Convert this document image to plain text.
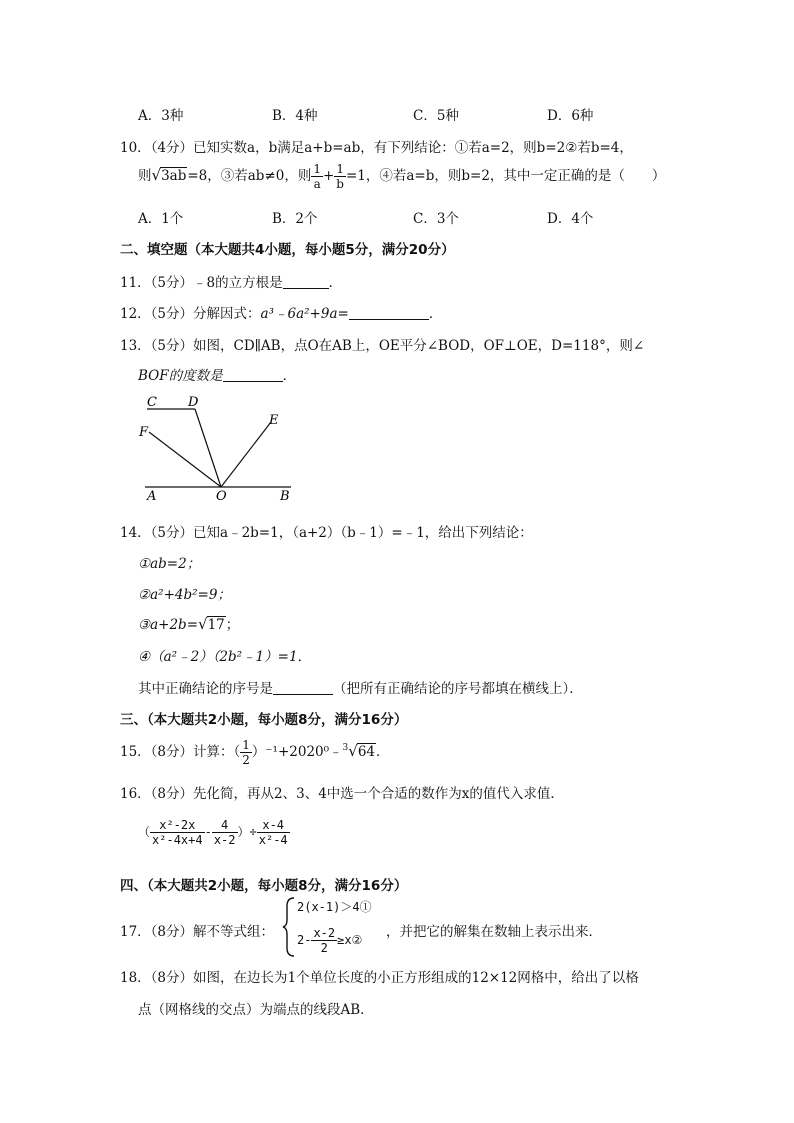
A．3种	B．4种	C．5种	D．6种
10．（4分）已知实数a，b满足a+b=ab，有下列结论：①若a=2，则b=2②若b=4，
则√3ab=8，③若ab≠0，则 $\frac{1}{a} + \frac{1}{b} =1$，④若a=b，则b=2，其中一定正确的是（　　）
A．1个	B．2个	C．3个	D．4个
二、填空题（本大题共4小题，每小题5分，满分20分）
11．（5分）﹣8的立方根是	．
12．（5分）分解因式：a³﹣6a²+9a=	．
13．（5分）如图，CD∥AB，点O在AB上，OE平分∠BOD，OF⊥OE，D=118°，则∠
BOF的度数是	．
C D
F
E
A	O	B
14．（5分）已知a﹣2b=1，（a+2）（b﹣1）=﹣1，给出下列结论：
①ab=2；
②a²+4b²=9；
③a+2b=√17；
④（a²﹣2）（2b²﹣1）=1．
其中正确结论的序号是	（把所有正确结论的序号都填在横线上）．
三、（本大题共2小题，每小题8分，满分16分）
15．（8分）计算：（ $\frac{1}{2}$ ）⁻¹+2020⁰﹣$^3$√64．
16．（8分）先化简，再从2、3、4中选一个合适的数作为x的值代入求值．
（ $\frac{\text{x²-2x}}{\text{x²-4x+4}} - \frac{4}{x-2}$ ）÷ $\frac{x-4}{\text{x²-4}}$
四、（本大题共2小题，每小题8分，满分16分）
17．（8分）解不等式组：
2(x-1)＞4①
$2- \frac{x-2}{2}$ ≥x② ，并把它的解集在数轴上表示出来．
18．（8分）如图，在边长为1个单位长度的小正方形组成的12×12网格中，给出了以格
点（网格线的交点）为端点的线段AB．
